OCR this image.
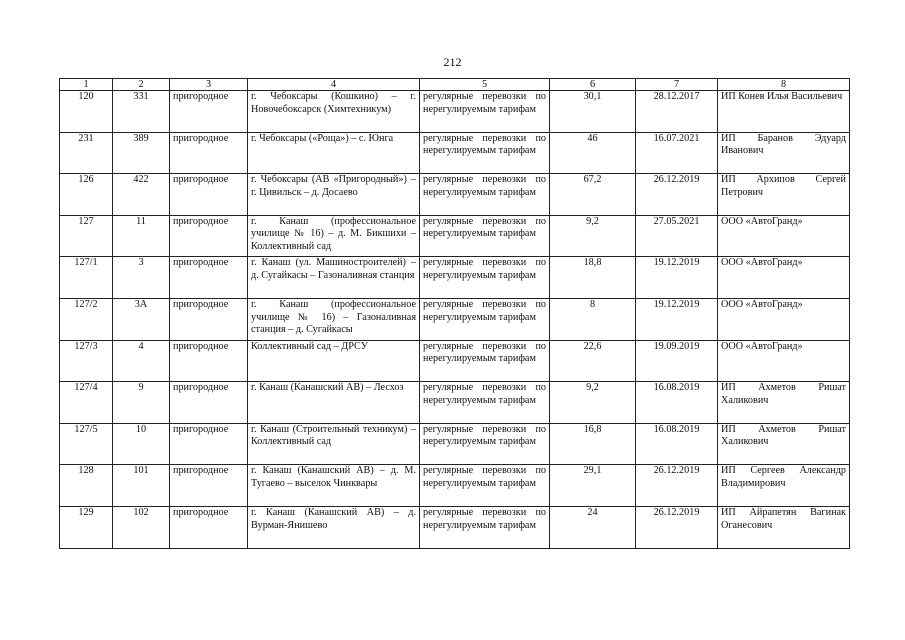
212
1	2	3	4	5	6	7	8
120	331	пригородное	г. Чебоксары (Кошкино) – г. Новочебоксарск (Химтехникум)	регулярные перевозки по нерегулируемым тарифам	30,1	28.12.2017	ИП Конев Илья Васильевич
231	389	пригородное	г. Чебоксары («Роща») – с. Юнга	регулярные перевозки по нерегулируемым тарифам	46	16.07.2021	ИП Баранов Эдуард Иванович
126	422	пригородное	г. Чебоксары (АВ «Пригородный») – г. Цивильск – д. Досаево	регулярные перевозки по нерегулируемым тарифам	67,2	26.12.2019	ИП Архипов Сергей Петрович
127	11	пригородное	г. Канаш (профессиональное училище № 16) – д. М. Бикшихи – Коллективный сад	регулярные перевозки по нерегулируемым тарифам	9,2	27.05.2021	ООО «АвтоГранд»
127/1	3	пригородное	г. Канаш (ул. Машиностроителей) – д. Сугайкасы – Газоналивная станция	регулярные перевозки по нерегулируемым тарифам	18,8	19.12.2019	ООО «АвтоГранд»
127/2	3А	пригородное	г. Канаш (профессиональное училище № 16) – Газоналивная станция – д. Сугайкасы	регулярные перевозки по нерегулируемым тарифам	8	19.12.2019	ООО «АвтоГранд»
127/3	4	пригородное	Коллективный сад – ДРСУ	регулярные перевозки по нерегулируемым тарифам	22,6	19.09.2019	ООО «АвтоГранд»
127/4	9	пригородное	г. Канаш (Канашский АВ) – Лесхоз	регулярные перевозки по нерегулируемым тарифам	9,2	16.08.2019	ИП Ахметов Ришат Халикович
127/5	10	пригородное	г. Канаш (Строительный техникум) – Коллективный сад	регулярные перевозки по нерегулируемым тарифам	16,8	16.08.2019	ИП Ахметов Ришат Халикович
128	101	пригородное	г. Канаш (Канашский АВ) – д. М. Тугаево – выселок Чинквары	регулярные перевозки по нерегулируемым тарифам	29,1	26.12.2019	ИП Сергеев Александр Владимирович
129	102	пригородное	г. Канаш (Канашский АВ) – д. Вурман-Янишево	регулярные перевозки по нерегулируемым тарифам	24	26.12.2019	ИП Айрапетян Вагинак Оганесович
